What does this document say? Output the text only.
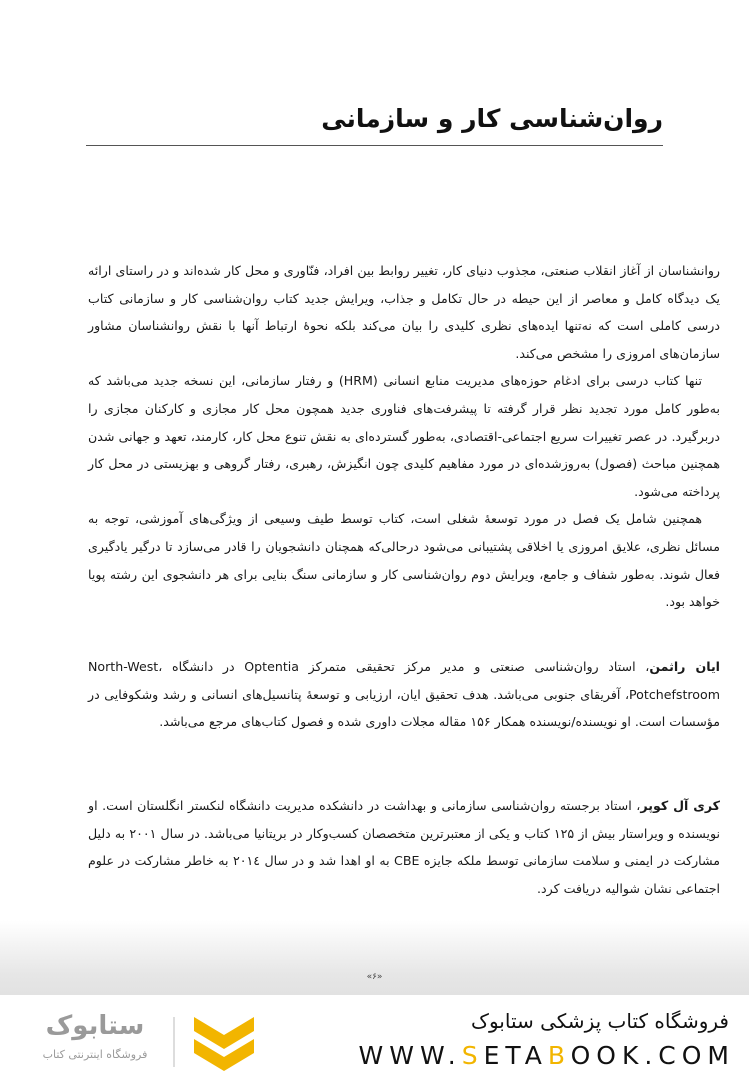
روان‌شناسی کار و سازمانی

روانشناسان از آغاز انقلاب صنعتی، مجذوب دنیای کار، تغییر روابط بین افراد، فنّاوری و محل کار شده‌اند و در راستای ارائه یک دیدگاه کامل و معاصر از این حیطه در حال تکامل و جذاب، ویرایش جدید کتاب روان‌شناسی کار و سازمانی کتاب درسی کاملی است که نه‌تنها ایده‌های نظری کلیدی را بیان می‌کند بلکه نحوهٔ ارتباط آنها با نقش روانشناسان مشاور سازمان‌های امروزی را مشخص می‌کند.

تنها کتاب درسی برای ادغام حوزه‌های مدیریت منابع انسانی (HRM) و رفتار سازمانی، این نسخه جدید می‌باشد که به‌طور کامل مورد تجدید نظر قرار گرفته تا پیشرفت‌های فناوری جدید همچون محل کار مجازی و کارکنان مجازی را دربرگیرد. در عصر تغییرات سریع اجتماعی-اقتصادی، به‌طور گسترده‌ای به نقش تنوع محل کار، کارمند، تعهد و جهانی شدن همچنین مباحث (فصول) به‌روزشده‌ای در مورد مفاهیم کلیدی چون انگیزش، رهبری، رفتار گروهی و بهزیستی در محل کار پرداخته می‌شود.

همچنین شامل یک فصل در مورد توسعهٔ شغلی است، کتاب توسط طیف وسیعی از ویژگی‌های آموزشی، توجه به مسائل نظری، علایق امروزی یا اخلاقی پشتیبانی می‌شود درحالی‌که همچنان دانشجویان را قادر می‌سازد تا درگیر یادگیری فعال شوند. به‌طور شفاف و جامع، ویرایش دوم روان‌شناسی کار و سازمانی سنگ بنایی برای هر دانشجوی این رشته پویا خواهد بود.

ایان راثمن، استاد روان‌شناسی صنعتی و مدیر مرکز تحقیقی متمرکز Optentia در دانشگاه North-West، Potchefstroom، آفریقای جنوبی می‌باشد. هدف تحقیق ایان، ارزیابی و توسعهٔ پتانسیل‌های انسانی و رشد وشکوفایی در مؤسسات است. او نویسنده/نویسنده همکار ۱۵۶ مقاله مجلات داوری شده و فصول کتاب‌های مرجع می‌باشد.

کری آل کوپر، استاد برجسته روان‌شناسی سازمانی و بهداشت در دانشکده مدیریت دانشگاه لنکستر انگلستان است. او نویسنده و ویراستار بیش از ۱۲۵ کتاب و یکی از معتبرترین متخصصان کسب‌وکار در بریتانیا می‌باشد. در سال ۲۰۰۱ به دلیل مشارکت در ایمنی و سلامت سازمانی توسط ملکه جایزه CBE به او اهدا شد و در سال ۲۰۱٤ به خاطر مشارکت در علوم اجتماعی نشان شوالیه دریافت کرد.

«۶»
ستابوک
فروشگاه اینترنتی کتاب
فروشگاه کتاب پزشکی ستابوک
WWW.SETABOOK.COM
